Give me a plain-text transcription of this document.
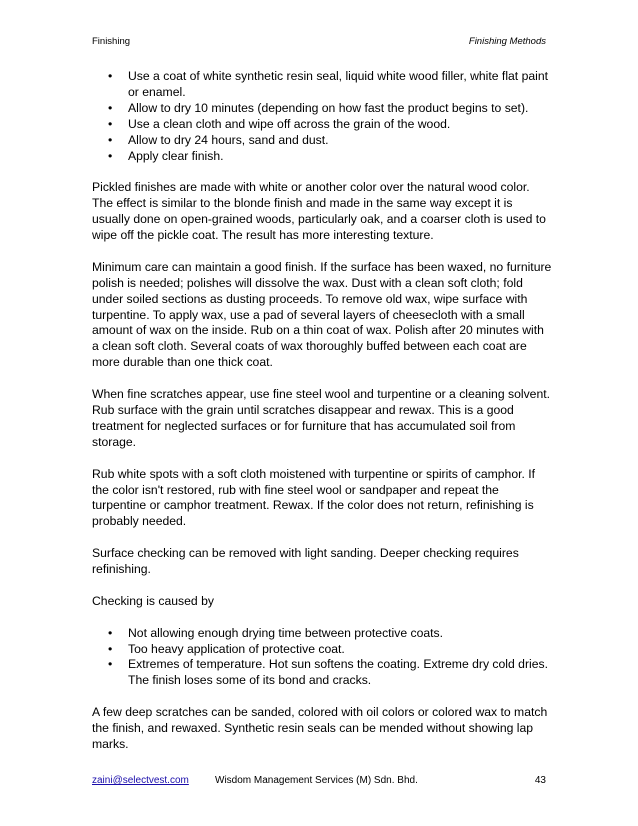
Finishing	Finishing Methods
• Use a coat of white synthetic resin seal, liquid white wood filler, white flat paint or enamel.
• Allow to dry 10 minutes (depending on how fast the product begins to set).
• Use a clean cloth and wipe off across the grain of the wood.
• Allow to dry 24 hours, sand and dust.
• Apply clear finish.

Pickled finishes are made with white or another color over the natural wood color. The effect is similar to the blonde finish and made in the same way except it is usually done on open-grained woods, particularly oak, and a coarser cloth is used to wipe off the pickle coat. The result has more interesting texture.

Minimum care can maintain a good finish. If the surface has been waxed, no furniture polish is needed; polishes will dissolve the wax. Dust with a clean soft cloth; fold under soiled sections as dusting proceeds. To remove old wax, wipe surface with turpentine. To apply wax, use a pad of several layers of cheesecloth with a small amount of wax on the inside. Rub on a thin coat of wax. Polish after 20 minutes with a clean soft cloth. Several coats of wax thoroughly buffed between each coat are more durable than one thick coat.

When fine scratches appear, use fine steel wool and turpentine or a cleaning solvent. Rub surface with the grain until scratches disappear and rewax. This is a good treatment for neglected surfaces or for furniture that has accumulated soil from storage.

Rub white spots with a soft cloth moistened with turpentine or spirits of camphor. If the color isn't restored, rub with fine steel wool or sandpaper and repeat the turpentine or camphor treatment. Rewax. If the color does not return, refinishing is probably needed.

Surface checking can be removed with light sanding. Deeper checking requires refinishing.

Checking is caused by

• Not allowing enough drying time between protective coats.
• Too heavy application of protective coat.
• Extremes of temperature. Hot sun softens the coating. Extreme dry cold dries. The finish loses some of its bond and cracks.

A few deep scratches can be sanded, colored with oil colors or colored wax to match the finish, and rewaxed. Synthetic resin seals can be mended without showing lap marks.

zaini@selectvest.com	Wisdom Management Services (M) Sdn. Bhd.	43
